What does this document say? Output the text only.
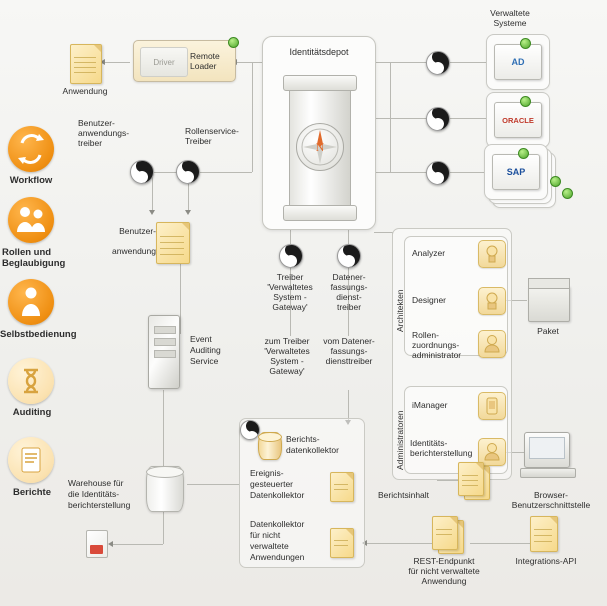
Workflow
Rollen und
Beglaubigung
Selbstbedienung
Auditing
Berichte
Anwendung
Driver
Remote
Loader
Identitätsdepot
N
Benutzer-
anwendungs-
treiber
Rollenservice-
Treiber
Benutzer-
anwendung
Event
Auditing
Service
Treiber
'Verwaltetes
System -
Gateway'
Datener-
fassungs-
dienst-
treiber
zum Treiber
'Verwaltetes
System -
Gateway'
vom Datener-
fassungs-
diensttreiber
Verwaltete
Systeme
AD
ORACLE
SAP
Architekten
Administratoren
Analyzer
Designer
Rollen-
zuordnungs-
administrator
iManager
Identitäts-
berichterstellung
Paket
Browser-
Benutzerschnittstelle
Berichtsinhalt
Warehouse für
die Identitäts-
berichterstellung
Berichts-
datenkollektor
Ereignis-
gesteuerter
Datenkollektor
Datenkollektor
für nicht
verwaltete
Anwendungen	REST-Endpunkt
für nicht verwaltete
Anwendung
Integrations-API
